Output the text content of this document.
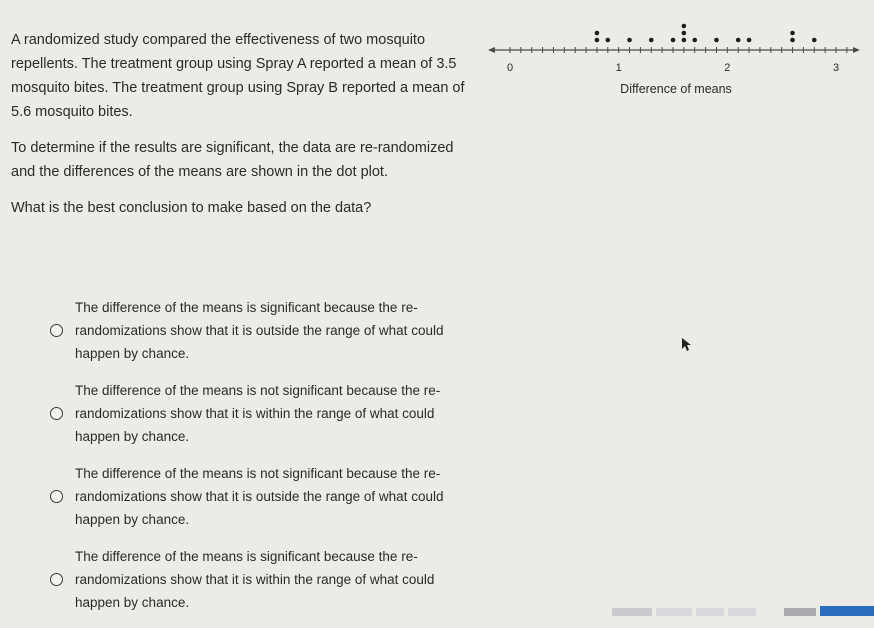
A randomized study compared the effectiveness of two mosquito repellents. The treatment group using Spray A reported a mean of 3.5 mosquito bites. The treatment group using Spray B reported a mean of 5.6 mosquito bites.

To determine if the results are significant, the data are re-randomized and the differences of the means are shown in the dot plot.

What is the best conclusion to make based on the data?

Difference of means
0	1	2	3
The difference of the means is significant because the re-randomizations show that it is outside the range of what could happen by chance.
The difference of the means is not significant because the re-randomizations show that it is within the range of what could happen by chance.
The difference of the means is not significant because the re-randomizations show that it is outside the range of what could happen by chance.
The difference of the means is significant because the re-randomizations show that it is within the range of what could happen by chance.
